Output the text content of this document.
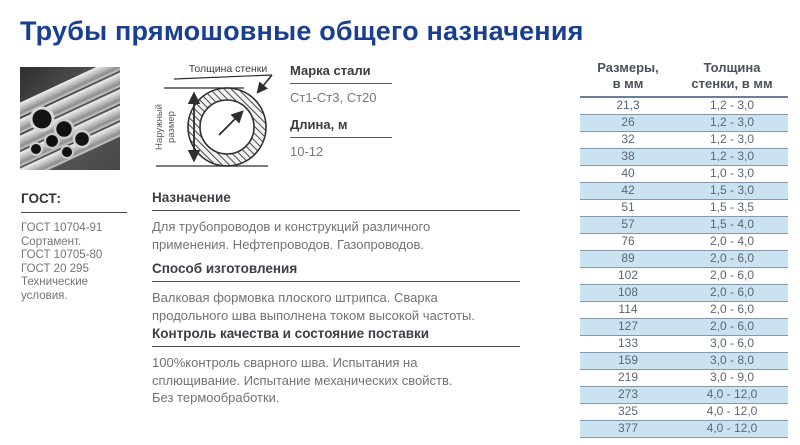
Трубы прямошовные общего назначения
Толщина стенки
Наружный размер
Марка стали
Ст1-Ст3, Ст20
Длина, м
10-12
ГОСТ:
ГОСТ 10704-91
Сортамент.
ГОСТ 10705-80
ГОСТ 20 295
Технические
условия.
Назначение
Для трубопроводов и конструкций различного
применения. Нефтепроводов. Газопроводов.
Способ изготовления
Валковая формовка плоского штрипса. Сварка
продольного шва выполнена током высокой частоты.
Контроль качества и состояние поставки
100%контроль сварного шва. Испытания на
сплющивание. Испытание механических свойств.
Без термообработки.
Размеры,
в мм
Толщина
стенки, в мм
21,3	1,2 - 3,0
26	1,2 - 3,0
32	1,2 - 3,0
38	1,2 - 3,0
40	1,0 - 3,0
42	1,5 - 3,0
51	1,5 - 3,5
57	1,5 - 4,0
76	2,0 - 4,0
89	2,0 - 6,0
102	2,0 - 6,0
108	2,0 - 6,0
114	2,0 - 6,0
127	2,0 - 6,0
133	3,0 - 6,0
159	3,0 - 8,0
219	3,0 - 9,0
273	4,0 - 12,0
325	4,0 - 12,0
377	4,0 - 12,0
